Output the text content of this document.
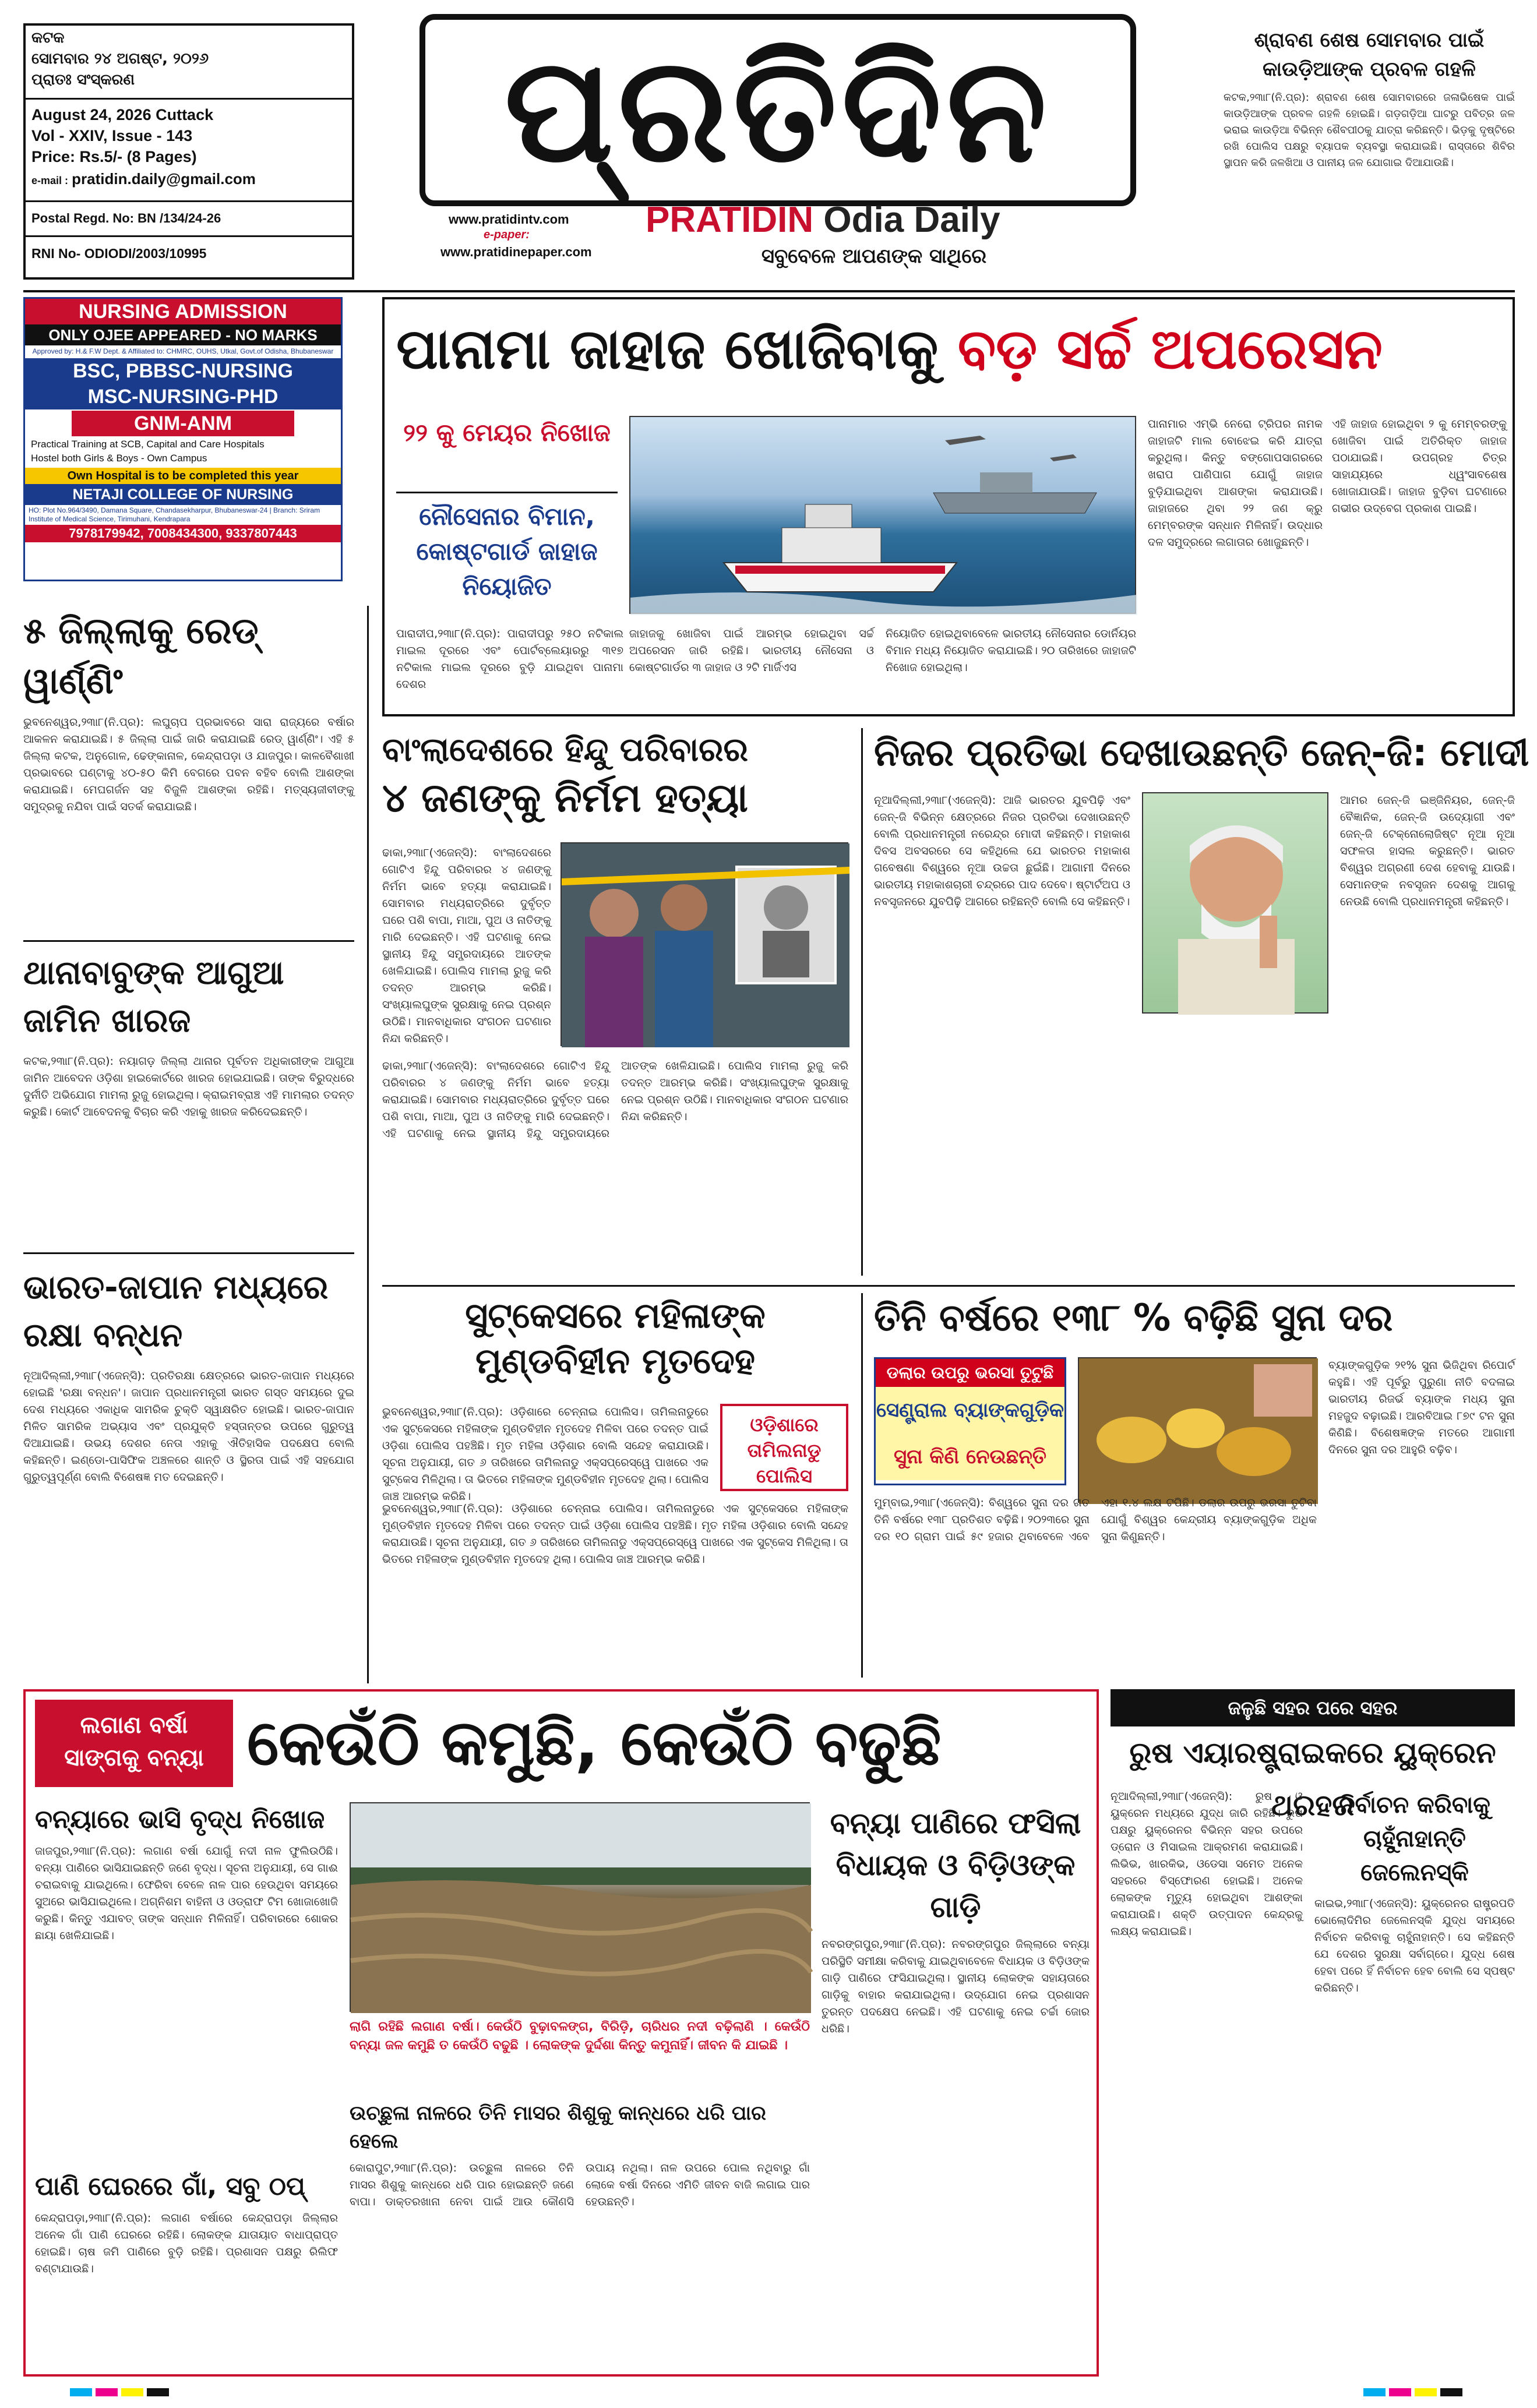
କଟକ
ସୋମବାର ୨୪ ଅଗଷ୍ଟ, ୨୦୨୬
ପ୍ରାତଃ ସଂସ୍କରଣ
August 24, 2026 Cuttack
Vol - XXIV, Issue - 143
Price: Rs.5/- (8 Pages)
e-mail : pratidin.daily@gmail.com
Postal Regd. No: BN /134/24-26
RNI No- ODIODI/2003/10995
ପ୍ରତିଦିନ
www.pratidintv.com
e-paper:
www.pratidinepaper.com
PRATIDIN Odia Daily
ସବୁବେଳେ ଆପଣଙ୍କ ସାଥିରେ
ଶ୍ରାବଣ ଶେଷ ସୋମବାର ପାଇଁ କାଉଡ଼ିଆଙ୍କ ପ୍ରବଳ ଗହଳି
କଟକ,୨୩ା୮(ନି.ପ୍ର): ଶ୍ରାବଣ ଶେଷ ସୋମବାରରେ ଜଳାଭିଷେକ ପାଇଁ କାଉଡ଼ିଆଙ୍କ ପ୍ରବଳ ଗହଳି ହୋଇଛି। ଗଡ଼ଗଡ଼ିଆ ଘାଟରୁ ପବିତ୍ର ଜଳ ଭରାଇ କାଉଡ଼ିଆ ବିଭିନ୍ନ ଶୈବପୀଠକୁ ଯାତ୍ରା କରିଛନ୍ତି। ଭିଡ଼କୁ ଦୃଷ୍ଟିରେ ରଖି ପୋଲିସ ପକ୍ଷରୁ ବ୍ୟାପକ ବ୍ୟବସ୍ଥା କରାଯାଇଛି। ରାସ୍ତାରେ ଶିବିର ସ୍ଥାପନ କରି ଜଳଖିଆ ଓ ପାନୀୟ ଜଳ ଯୋଗାଇ ଦିଆଯାଉଛି।
NURSING ADMISSION
ONLY OJEE APPEARED - NO MARKS
Approved by: H.& F.W Dept. & Affiliated to: CHMRC, OUHS, Utkal, Govt.of Odisha, Bhubaneswar
BSC, PBBSC-NURSING
MSC-NURSING-PHD
GNM-ANM
Practical Training at SCB, Capital and Care Hospitals
Hostel both Girls & Boys - Own Campus
Own Hospital is to be completed this year
NETAJI COLLEGE OF NURSING
HO: Plot No.964/3490, Damana Square, Chandasekharpur, Bhubaneswar-24 | Branch: Sriram Institute of Medical Science, Tirimuhani, Kendrapara
7978179942, 7008434300, 9337807443
ପାନାମା ଜାହାଜ ଖୋଜିବାକୁ ବଡ଼ ସର୍ଚ୍ଚ ଅପରେସନ
୨୨ କୁ ମେୟର ନିଖୋଜ
ନୌସେନାର ବିମାନ, କୋଷ୍ଟଗାର୍ଡ ଜାହାଜ ନିୟୋଜିତ
ପାନାମାର ଏମ୍‌ଭି ନେରୋ ଟ୍ରିପର ନାମକ ଜାହାଜଟି ମାଲ ବୋଝେଇ କରି ଯାତ୍ରା କରୁଥିଲା। କିନ୍ତୁ ବଙ୍ଗୋପସାଗରରେ ଖରାପ ପାଣିପାଗ ଯୋଗୁଁ ଜାହାଜ ବୁଡ଼ିଯାଇଥିବା ଆଶଙ୍କା କରାଯାଉଛି। ଜାହାଜରେ ଥିବା ୨୨ ଜଣ କ୍ରୁ ମେମ୍ବରଙ୍କ ସନ୍ଧାନ ମିଳିନାହିଁ। ଉଦ୍ଧାର ଦଳ ସମୁଦ୍ରରେ ଲଗାତାର ଖୋଜୁଛନ୍ତି।
ଏହି ଜାହାଜ ହୋଇଥିବା ୨ କୁ ମେମ୍ବରଙ୍କୁ ଖୋଜିବା ପାଇଁ ଅତିରିକ୍ତ ଜାହାଜ ପଠାଯାଇଛି। ଉପଗ୍ରହ ଚିତ୍ର ସାହାଯ୍ୟରେ ଧ୍ୱଂସାବଶେଷ ଖୋଜାଯାଉଛି। ଜାହାଜ ବୁଡ଼ିବା ଘଟଣାରେ ଗଭୀର ଉଦ୍‌ବେଗ ପ୍ରକାଶ ପାଇଛି।
ପାରାଦୀପ,୨୩ା୮(ନି.ପ୍ର): ପାରାଦୀପରୁ ୨୫୦ ନଟିକାଲ ମାଇଲ ଦୂରରେ ଏବଂ ପୋର୍ଟବ୍ଲେୟାରରୁ ୩୧୭ ନଟିକାଲ ମାଇଲ ଦୂରରେ ବୁଡ଼ି ଯାଇଥିବା ପାନାମା ଦେଶର
ଜାହାଜକୁ ଖୋଜିବା ପାଇଁ ଆରମ୍ଭ ହୋଇଥିବା ସର୍ଚ୍ଚ ଅପରେସନ ଜାରି ରହିଛି। ଭାରତୀୟ ନୌସେନା ଓ କୋଷ୍ଟଗାର୍ଡର ୩ ଜାହାଜ ଓ ୨ଟି ମାର୍ଜିଏସ
ନିୟୋଜିତ ହୋଇଥିବାବେଳେ ଭାରତୀୟ ନୌସେନାର ଡୋର୍ନିୟର ବିମାନ ମଧ୍ୟ ନିୟୋଜିତ କରାଯାଇଛି। ୨୦ ତାରିଖରେ ଜାହାଜଟି ନିଖୋଜ ହୋଇଥିଲା।
୫ ଜିଲ୍ଲାକୁ ରେଡ୍ ୱାର୍ଣ୍ଣିଂ
ଭୁବନେଶ୍ୱର,୨୩ା୮(ନି.ପ୍ର): ଲଘୁଚାପ ପ୍ରଭାବରେ ସାରା ରାଜ୍ୟରେ ବର୍ଷାର ଆକଳନ କରାଯାଇଛି। ୫ ଜିଲ୍ଲା ପାଇଁ ଜାରି କରାଯାଇଛି ରେଡ୍ ୱାର୍ଣ୍ଣିଂ। ଏହି ୫ ଜିଲ୍ଲା କଟକ, ଅନୁଗୋଳ, ଢେଙ୍କାନାଳ, କେନ୍ଦ୍ରାପଡ଼ା ଓ ଯାଜପୁର। କାଳବୈଶାଖୀ ପ୍ରଭାବରେ ଘଣ୍ଟାକୁ ୪୦-୫୦ କିମି ବେଗରେ ପବନ ବହିବ ବୋଲି ଆଶଙ୍କା କରାଯାଇଛି। ମେଘଗର୍ଜନ ସହ ବିଜୁଳି ଆଶଙ୍କା ରହିଛି। ମତ୍ସ୍ୟଜୀବୀଙ୍କୁ ସମୁଦ୍ରକୁ ନଯିବା ପାଇଁ ସତର୍କ କରାଯାଇଛି।
ଥାନାବାବୁଙ୍କ ଆଗୁଆ ଜାମିନ ଖାରଜ
କଟକ,୨୩ା୮(ନି.ପ୍ର): ନୟାଗଡ଼ ଜିଲ୍ଲା ଥାନାର ପୂର୍ବତନ ଅଧିକାରୀଙ୍କ ଆଗୁଆ ଜାମିନ ଆବେଦନ ଓଡ଼ିଶା ହାଇକୋର୍ଟରେ ଖାରଜ ହୋଇଯାଇଛି। ତାଙ୍କ ବିରୁଦ୍ଧରେ ଦୁର୍ନୀତି ଅଭିଯୋଗ ମାମଲା ରୁଜୁ ହୋଇଥିଲା। କ୍ରାଇମବ୍ରାଞ୍ଚ ଏହି ମାମଲାର ତଦନ୍ତ କରୁଛି। କୋର୍ଟ ଆବେଦନକୁ ବିଚାର କରି ଏହାକୁ ଖାରଜ କରିଦେଇଛନ୍ତି।
ଭାରତ-ଜାପାନ ମଧ୍ୟରେ ରକ୍ଷା ବନ୍ଧନ
ନୂଆଦିଲ୍ଲୀ,୨୩ା୮(ଏଜେନ୍ସି): ପ୍ରତିରକ୍ଷା କ୍ଷେତ୍ରରେ ଭାରତ-ଜାପାନ ମଧ୍ୟରେ ହୋଇଛି 'ରକ୍ଷା ବନ୍ଧନ'। ଜାପାନ ପ୍ରଧାନମନ୍ତ୍ରୀ ଭାରତ ଗସ୍ତ ସମୟରେ ଦୁଇ ଦେଶ ମଧ୍ୟରେ ଏକାଧିକ ସାମରିକ ଚୁକ୍ତି ସ୍ୱାକ୍ଷରିତ ହୋଇଛି। ଭାରତ-ଜାପାନ ମିଳିତ ସାମରିକ ଅଭ୍ୟାସ ଏବଂ ପ୍ରଯୁକ୍ତି ହସ୍ତାନ୍ତର ଉପରେ ଗୁରୁତ୍ୱ ଦିଆଯାଇଛି। ଉଭୟ ଦେଶର ନେତା ଏହାକୁ ଐତିହାସିକ ପଦକ୍ଷେପ ବୋଲି କହିଛନ୍ତି। ଇଣ୍ଡୋ-ପାସିଫିକ ଅଞ୍ଚଳରେ ଶାନ୍ତି ଓ ସ୍ଥିରତା ପାଇଁ ଏହି ସହଯୋଗ ଗୁରୁତ୍ୱପୂର୍ଣ୍ଣ ବୋଲି ବିଶେଷଜ୍ଞ ମତ ଦେଇଛନ୍ତି।
ବାଂଲାଦେଶରେ ହିନ୍ଦୁ ପରିବାରର
୪ ଜଣଙ୍କୁ ନିର୍ମମ ହତ୍ୟା
ଢାକା,୨୩ା୮(ଏଜେନ୍ସି): ବାଂଲାଦେଶରେ ଗୋଟିଏ ହିନ୍ଦୁ ପରିବାରର ୪ ଜଣଙ୍କୁ ନିର୍ମମ ଭାବେ ହତ୍ୟା କରାଯାଇଛି। ସୋମବାର ମଧ୍ୟରାତ୍ରିରେ ଦୁର୍ବୃତ୍ତ ଘରେ ପଶି ବାପା, ମାଆ, ପୁଅ ଓ ନାତିଙ୍କୁ ମାରି ଦେଇଛନ୍ତି। ଏହି ଘଟଣାକୁ ନେଇ ସ୍ଥାନୀୟ ହିନ୍ଦୁ ସମ୍ପ୍ରଦାୟରେ ଆତଙ୍କ ଖେଳିଯାଇଛି। ପୋଲିସ ମାମଲା ରୁଜୁ କରି ତଦନ୍ତ ଆରମ୍ଭ କରିଛି। ସଂଖ୍ୟାଲଘୁଙ୍କ ସୁରକ୍ଷାକୁ ନେଇ ପ୍ରଶ୍ନ ଉଠିଛି। ମାନବାଧିକାର ସଂଗଠନ ଘଟଣାର ନିନ୍ଦା କରିଛନ୍ତି।
ଢାକା,୨୩ା୮(ଏଜେନ୍ସି): ବାଂଲାଦେଶରେ ଗୋଟିଏ ହିନ୍ଦୁ ପରିବାରର ୪ ଜଣଙ୍କୁ ନିର୍ମମ ଭାବେ ହତ୍ୟା କରାଯାଇଛି। ସୋମବାର ମଧ୍ୟରାତ୍ରିରେ ଦୁର୍ବୃତ୍ତ ଘରେ ପଶି ବାପା, ମାଆ, ପୁଅ ଓ ନାତିଙ୍କୁ ମାରି ଦେଇଛନ୍ତି। ଏହି ଘଟଣାକୁ ନେଇ ସ୍ଥାନୀୟ ହିନ୍ଦୁ ସମ୍ପ୍ରଦାୟରେ ଆତଙ୍କ ଖେଳିଯାଇଛି। ପୋଲିସ ମାମଲା ରୁଜୁ କରି ତଦନ୍ତ ଆରମ୍ଭ କରିଛି। ସଂଖ୍ୟାଲଘୁଙ୍କ ସୁରକ୍ଷାକୁ ନେଇ ପ୍ରଶ୍ନ ଉଠିଛି। ମାନବାଧିକାର ସଂଗଠନ ଘଟଣାର ନିନ୍ଦା କରିଛନ୍ତି।
ନିଜର ପ୍ରତିଭା ଦେଖାଉଛନ୍ତି ଜେନ୍-ଜି: ମୋଦୀ
ନୂଆଦିଲ୍ଲୀ,୨୩ା୮(ଏଜେନ୍ସି): ଆଜି ଭାରତର ଯୁବପିଢ଼ି ଏବଂ ଜେନ୍-ଜି ବିଭିନ୍ନ କ୍ଷେତ୍ରରେ ନିଜର ପ୍ରତିଭା ଦେଖାଉଛନ୍ତି ବୋଲି ପ୍ରଧାନମନ୍ତ୍ରୀ ନରେନ୍ଦ୍ର ମୋଦୀ କହିଛନ୍ତି। ମହାକାଶ ଦିବସ ଅବସରରେ ସେ କହିଥିଲେ ଯେ ଭାରତର ମହାକାଶ ଗବେଷଣା ବିଶ୍ୱରେ ନୂଆ ଉଚ୍ଚତା ଛୁଇଁଛି। ଆଗାମୀ ଦିନରେ ଭାରତୀୟ ମହାକାଶଚାରୀ ଚନ୍ଦ୍ରରେ ପାଦ ଦେବେ। ଷ୍ଟାର୍ଟଅପ ଓ ନବସୃଜନରେ ଯୁବପିଢ଼ି ଆଗରେ ରହିଛନ୍ତି ବୋଲି ସେ କହିଛନ୍ତି।
ଆମର ଜେନ୍-ଜି ଇଞ୍ଜିନିୟର, ଜେନ୍-ଜି ବୈଜ୍ଞାନିକ, ଜେନ୍-ଜି ଉଦ୍ୟୋଗୀ ଏବଂ ଜେନ୍-ଜି ଟେକ୍ନୋଲୋଜିଷ୍ଟ ନୂଆ ନୂଆ ସଫଳତା ହାସଲ କରୁଛନ୍ତି। ଭାରତ ବିଶ୍ୱର ଅଗ୍ରଣୀ ଦେଶ ହେବାକୁ ଯାଉଛି। ସେମାନଙ୍କ ନବସୃଜନ ଦେଶକୁ ଆଗକୁ ନେଉଛି ବୋଲି ପ୍ରଧାନମନ୍ତ୍ରୀ କହିଛନ୍ତି।
ସୁଟ୍‌କେସରେ ମହିଳାଙ୍କ
ମୁଣ୍ଡବିହୀନ ମୃତଦେହ
ଭୁବନେଶ୍ୱର,୨୩ା୮(ନି.ପ୍ର): ଓଡ଼ିଶାରେ ଚେନ୍ନାଇ ପୋଲିସ। ତାମିଲନାଡୁରେ ଏକ ସୁଟ୍‌କେସରେ ମହିଳାଙ୍କ ମୁଣ୍ଡବିହୀନ ମୃତଦେହ ମିଳିବା ପରେ ତଦନ୍ତ ପାଇଁ ଓଡ଼ିଶା ପୋଲିସ ପହଞ୍ଚିଛି। ମୃତ ମହିଳା ଓଡ଼ିଶାର ବୋଲି ସନ୍ଦେହ କରାଯାଉଛି। ସୂଚନା ଅନୁଯାୟୀ, ଗତ ୬ ତାରିଖରେ ତାମିଲନାଡୁ ଏକ୍ସପ୍ରେସ୍‌ୱେ ପାଖରେ ଏକ ସୁଟ୍‌କେସ ମିଳିଥିଲା। ତା ଭିତରେ ମହିଳାଙ୍କ ମୁଣ୍ଡବିହୀନ ମୃତଦେହ ଥିଲା। ପୋଲିସ ଜାଞ୍ଚ ଆରମ୍ଭ କରିଛି।
ଓଡ଼ିଶାରେ ତାମିଲନାଡୁ ପୋଲିସ
ଭୁବନେଶ୍ୱର,୨୩ା୮(ନି.ପ୍ର): ଓଡ଼ିଶାରେ ଚେନ୍ନାଇ ପୋଲିସ। ତାମିଲନାଡୁରେ ଏକ ସୁଟ୍‌କେସରେ ମହିଳାଙ୍କ ମୁଣ୍ଡବିହୀନ ମୃତଦେହ ମିଳିବା ପରେ ତଦନ୍ତ ପାଇଁ ଓଡ଼ିଶା ପୋଲିସ ପହଞ୍ଚିଛି। ମୃତ ମହିଳା ଓଡ଼ିଶାର ବୋଲି ସନ୍ଦେହ କରାଯାଉଛି। ସୂଚନା ଅନୁଯାୟୀ, ଗତ ୬ ତାରିଖରେ ତାମିଲନାଡୁ ଏକ୍ସପ୍ରେସ୍‌ୱେ ପାଖରେ ଏକ ସୁଟ୍‌କେସ ମିଳିଥିଲା। ତା ଭିତରେ ମହିଳାଙ୍କ ମୁଣ୍ଡବିହୀନ ମୃତଦେହ ଥିଲା। ପୋଲିସ ଜାଞ୍ଚ ଆରମ୍ଭ କରିଛି।
ତିନି ବର୍ଷରେ ୧୩୮ % ବଢ଼ିଛି ସୁନା ଦର
ଡଲାର ଉପରୁ ଭରସା ତୁଟୁଛି
ସେଣ୍ଟ୍ରାଲ ବ୍ୟାଙ୍କଗୁଡ଼ିକ
ସୁନା କିଣି ନେଉଛନ୍ତି
ମୁମ୍ବାଇ,୨୩ା୮(ଏଜେନ୍ସି): ବିଶ୍ୱରେ ସୁନା ଦର ଗତ ତିନି ବର୍ଷରେ ୧୩୮ ପ୍ରତିଶତ ବଢ଼ିଛି। ୨୦୨୩ରେ ସୁନା ଦର ୧୦ ଗ୍ରାମ ପାଇଁ ୫୯ ହଜାର ଥିବାବେଳେ ଏବେ ଏହା ୧.୪ ଲକ୍ଷ ଟପିଛି। ଡଲାର ଉପରୁ ଭରସା ତୁଟିବା ଯୋଗୁଁ ବିଶ୍ୱର କେନ୍ଦ୍ରୀୟ ବ୍ୟାଙ୍କଗୁଡ଼ିକ ଅଧିକ ସୁନା କିଣୁଛନ୍ତି।
ବ୍ୟାଙ୍କଗୁଡ଼ିକ ୨୧% ସୁନା ଭିଜିଥିବା ରିପୋର୍ଟ କହୁଛି। ଏହି ପୂର୍ବରୁ ପୁରୁଣା ନୀତି ବଦଳାଇ ଭାରତୀୟ ରିଜର୍ଭ ବ୍ୟାଙ୍କ ମଧ୍ୟ ସୁନା ମହଜୁଦ ବଢ଼ାଇଛି। ଆରବିଆଇ ୮୭୯ ଟନ ସୁନା କିଣିଛି। ବିଶେଷଜ୍ଞଙ୍କ ମତରେ ଆଗାମୀ ଦିନରେ ସୁନା ଦର ଆହୁରି ବଢ଼ିବ।
ଲଗାଣ ବର୍ଷା
ସାଙ୍ଗକୁ ବନ୍ୟା କେଉଁଠି କମୁଛି, କେଉଁଠି ବଢୁଛି
ବନ୍ୟାରେ ଭାସି ବୃଦ୍ଧ ନିଖୋଜ
ଜାଜପୁର,୨୩ା୮(ନି.ପ୍ର): ଲଗାଣ ବର୍ଷା ଯୋଗୁଁ ନଦୀ ନାଳ ଫୁଲିଉଠିଛି। ବନ୍ୟା ପାଣିରେ ଭାସିଯାଇଛନ୍ତି ଜଣେ ବୃଦ୍ଧ। ସୂଚନା ଅନୁଯାୟୀ, ସେ ଗାଈ ଚରାଇବାକୁ ଯାଇଥିଲେ। ଫେରିବା ବେଳେ ନାଳ ପାର ହେଉଥିବା ସମୟରେ ସୁଅରେ ଭାସିଯାଇଥିଲେ। ଅଗ୍ନିଶମ ବାହିନୀ ଓ ଓଡ୍ରାଫ ଟିମ ଖୋଜାଖୋଜି କରୁଛି। କିନ୍ତୁ ଏଯାବତ୍ ତାଙ୍କ ସନ୍ଧାନ ମିଳିନାହିଁ। ପରିବାରରେ ଶୋକର ଛାୟା ଖେଳିଯାଇଛି।
ଲାଗି ରହିଛି ଲଗାଣ ବର୍ଷା। କେଉଁଠି ବୁଢ଼ାବଳଙ୍ଗ, ବିରିଡ଼ି, ଚାରିଧର ନଦୀ ବଢ଼ିଲାଣି । କେଉଁଠି ବନ୍ୟା ଜଳ କମୁଛି ତ କେଉଁଠି ବଢୁଛି । ଲୋକଙ୍କ ଦୁର୍ଦ୍ଦଶା କିନ୍ତୁ କମୁନାହିଁ। ଜୀବନ କି ଯାଇଛି ।
ଉଚ୍ଛୁଳା ନାଳରେ ତିନି ମାସର ଶିଶୁକୁ କାନ୍ଧରେ ଧରି ପାର ହେଲେ
କୋରାପୁଟ,୨୩ା୮(ନି.ପ୍ର): ଉଚ୍ଛୁଳା ନାଳରେ ତିନି ମାସର ଶିଶୁକୁ କାନ୍ଧରେ ଧରି ପାର ହୋଇଛନ୍ତି ଜଣେ ବାପା। ଡାକ୍ତରଖାନା ନେବା ପାଇଁ ଆଉ କୌଣସି ଉପାୟ ନଥିଲା। ନାଳ ଉପରେ ପୋଲ ନଥିବାରୁ ଗାଁ ଲୋକେ ବର୍ଷା ଦିନରେ ଏମିତି ଜୀବନ ବାଜି ଲଗାଇ ପାର ହେଉଛନ୍ତି।
ପାଣି ଘେରରେ ଗାଁ, ସବୁ ଠପ୍
କେନ୍ଦ୍ରାପଡ଼ା,୨୩ା୮(ନି.ପ୍ର): ଲଗାଣ ବର୍ଷାରେ କେନ୍ଦ୍ରାପଡ଼ା ଜିଲ୍ଲାର ଅନେକ ଗାଁ ପାଣି ଘେରରେ ରହିଛି। ଲୋକଙ୍କ ଯାତାୟାତ ବାଧାପ୍ରାପ୍ତ ହୋଇଛି। ଚାଷ ଜମି ପାଣିରେ ବୁଡ଼ି ରହିଛି। ପ୍ରଶାସନ ପକ୍ଷରୁ ରିଲିଫ ବଣ୍ଟାଯାଉଛି।
ବନ୍ୟା ପାଣିରେ ଫସିଲା ବିଧାୟକ ଓ ବିଡ଼ିଓଙ୍କ ଗାଡ଼ି
ନବରଙ୍ଗପୁର,୨୩ା୮(ନି.ପ୍ର): ନବରଙ୍ଗପୁର ଜିଲ୍ଲାରେ ବନ୍ୟା ପରିସ୍ଥିତି ସମୀକ୍ଷା କରିବାକୁ ଯାଇଥିବାବେଳେ ବିଧାୟକ ଓ ବିଡ଼ିଓଙ୍କ ଗାଡ଼ି ପାଣିରେ ଫସିଯାଇଥିଲା। ସ୍ଥାନୀୟ ଲୋକଙ୍କ ସହାୟତାରେ ଗାଡ଼ିକୁ ବାହାର କରାଯାଇଥିଲା। ଉଦ୍‌ଯୋଗ ନେଇ ପ୍ରଶାସନ ତୁରନ୍ତ ପଦକ୍ଷେପ ନେଇଛି। ଏହି ଘଟଣାକୁ ନେଇ ଚର୍ଚ୍ଚା ଜୋର ଧରିଛି।
ଜଳୁଛି ସହର ପରେ ସହର
ରୁଷ ଏୟାରଷ୍ଟ୍ରାଇକରେ ୟୁକ୍ରେନ ଥରହର
ନୂଆଦିଲ୍ଲୀ,୨୩ା୮(ଏଜେନ୍ସି): ରୁଷ ଓ ୟୁକ୍ରେନ ମଧ୍ୟରେ ଯୁଦ୍ଧ ଜାରି ରହିଛି। ରୁଷ ପକ୍ଷରୁ ୟୁକ୍ରେନର ବିଭିନ୍ନ ସହର ଉପରେ ଡ୍ରୋନ ଓ ମିସାଇଲ ଆକ୍ରମଣ କରାଯାଇଛି। ଲିଭିଭ, ଖାରକିଭ, ଓଡେସା ସମେତ ଅନେକ ସହରରେ ବିସ୍ଫୋରଣ ହୋଇଛି। ଅନେକ ଲୋକଙ୍କ ମୃତ୍ୟୁ ହୋଇଥିବା ଆଶଙ୍କା କରାଯାଉଛି। ଶକ୍ତି ଉତ୍ପାଦନ କେନ୍ଦ୍ରକୁ ଲକ୍ଷ୍ୟ କରାଯାଇଛି।
ନିର୍ବାଚନ କରିବାକୁ ଚାହୁଁନାହାନ୍ତି ଜେଲେନସ୍କି
କାଇଭ,୨୩ା୮(ଏଜେନ୍ସି): ୟୁକ୍ରେନର ରାଷ୍ଟ୍ରପତି ଭୋଲୋଦିମିର ଜେଲେନସ୍କି ଯୁଦ୍ଧ ସମୟରେ ନିର୍ବାଚନ କରିବାକୁ ଚାହୁଁନାହାନ୍ତି। ସେ କହିଛନ୍ତି ଯେ ଦେଶର ସୁରକ୍ଷା ସର୍ବାଗ୍ରେ। ଯୁଦ୍ଧ ଶେଷ ହେବା ପରେ ହିଁ ନିର୍ବାଚନ ହେବ ବୋଲି ସେ ସ୍ପଷ୍ଟ କରିଛନ୍ତି।
